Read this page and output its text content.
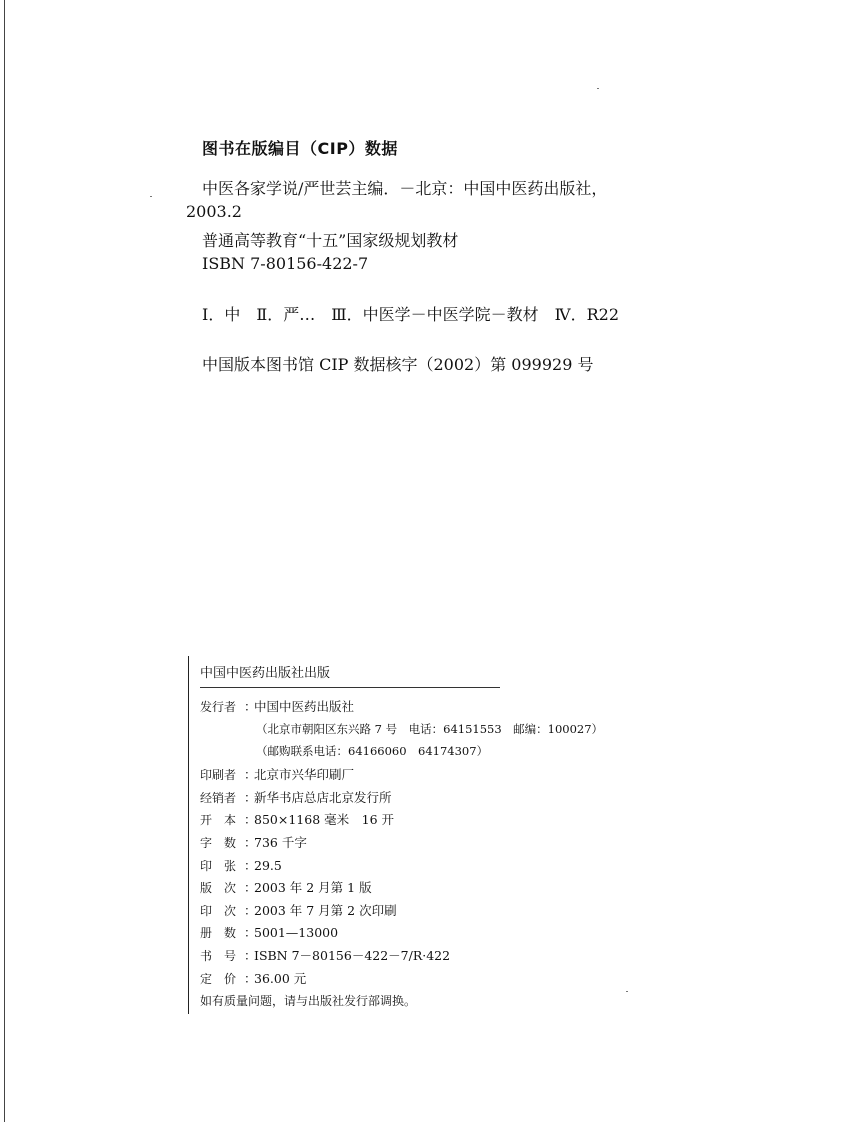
图书在版编目（CIP）数据
中医各家学说/严世芸主编．－北京：中国中医药出版社，
2003.2
普通高等教育“十五”国家级规划教材
ISBN 7-80156-422-7
Ⅰ．中　Ⅱ．严…　Ⅲ．中医学－中医学院－教材　Ⅳ．R22
中国版本图书馆 CIP 数据核字（2002）第 099929 号
中国中医药出版社出版
发行者 ：中国中医药出版社
（北京市朝阳区东兴路 7 号　电话：64151553　邮编：100027）
（邮购联系电话：64166060　64174307）
印刷者 ：北京市兴华印刷厂
经销者 ：新华书店总店北京发行所
开　本 ：850×1168 毫米　16 开
字　数 ：736 千字
印　张 ：29.5
版　次 ：2003 年 2 月第 1 版
印　次 ：2003 年 7 月第 2 次印刷
册　数 ：5001—13000
书　号 ：ISBN 7－80156－422－7/R·422
定　价 ：36.00 元
如有质量问题，请与出版社发行部调换。
